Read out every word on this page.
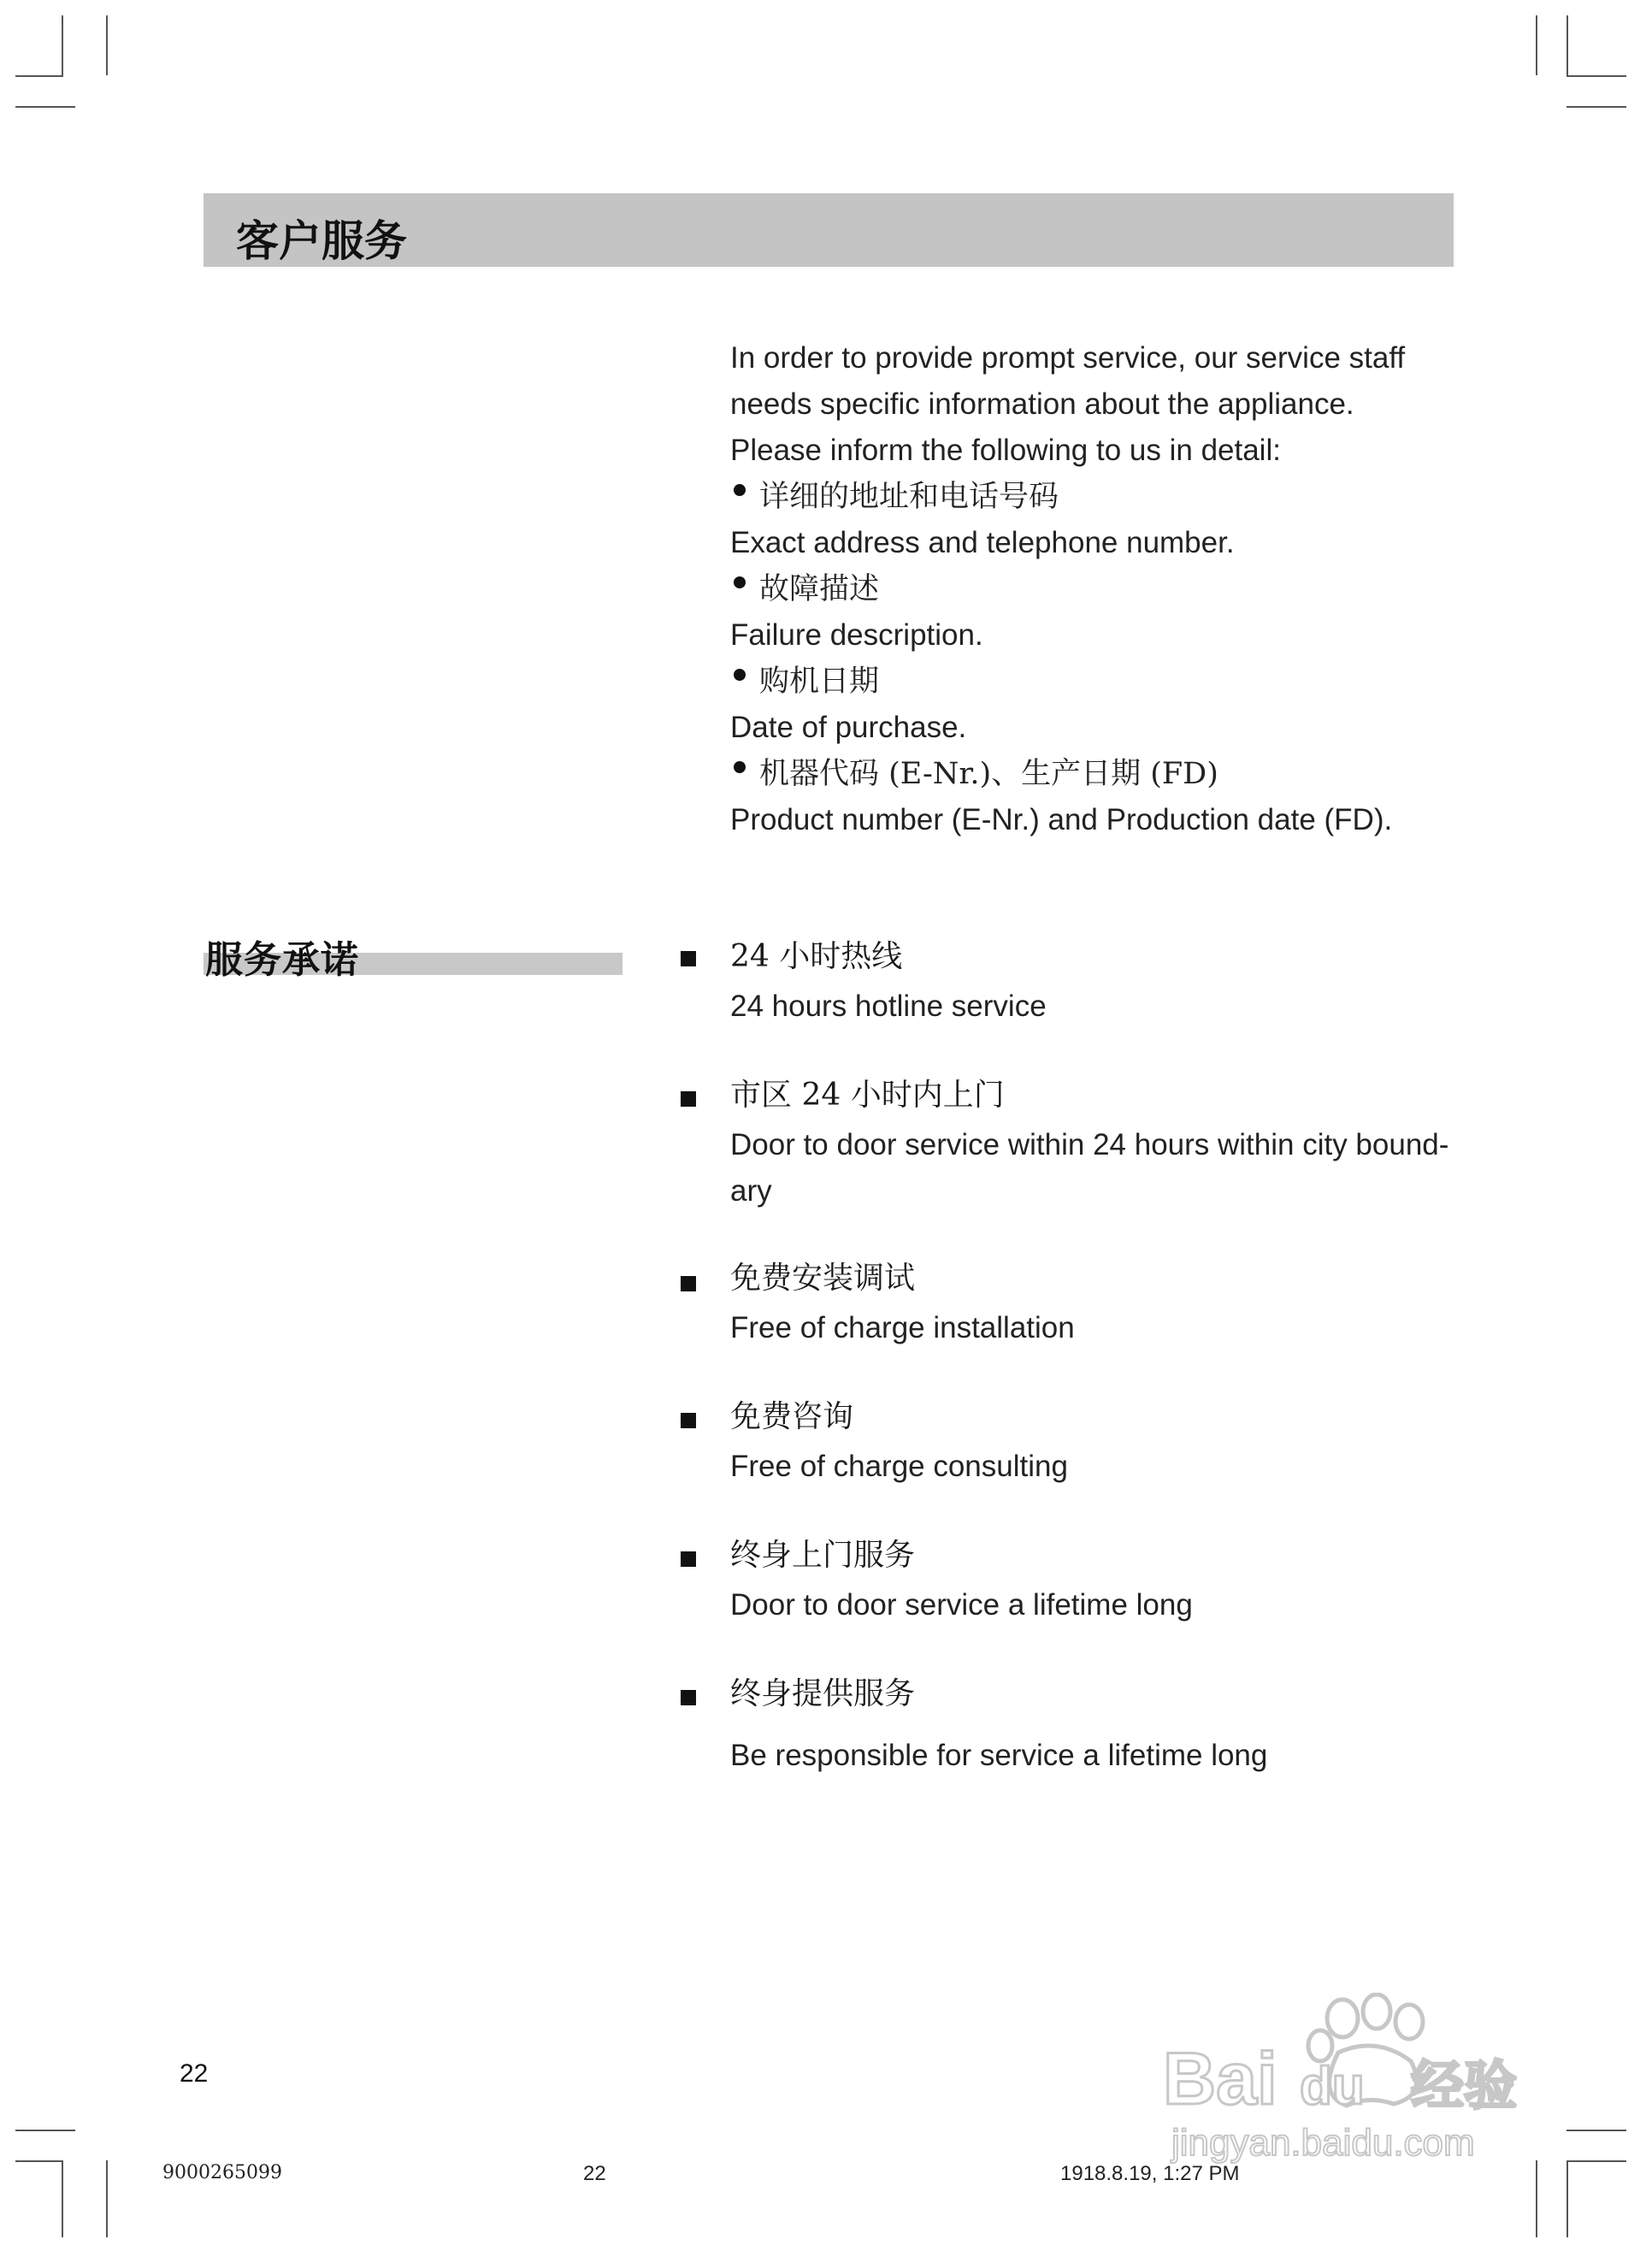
客户服务
In order to provide prompt service, our service staff
needs specific information about the appliance.
Please inform the following to us in detail:
详细的地址和电话号码
Exact address and telephone number.
故障描述
Failure description.
购机日期
Date of purchase.
机器代码 (E-Nr.)、生产日期 (FD)
Product number (E-Nr.) and Production date (FD).
服务承诺	24 小时热线
24 hours hotline service
市区 24 小时内上门
Door to door service within 24 hours within city bound-ary
免费安装调试
Free of charge installation
免费咨询
Free of charge consulting
终身上门服务
Door to door service a lifetime long
终身提供服务
Be responsible for service a lifetime long
22
9000265099	22	1918.8.19, 1:27 PM
Bai du 经验
jingyan.baidu.com
